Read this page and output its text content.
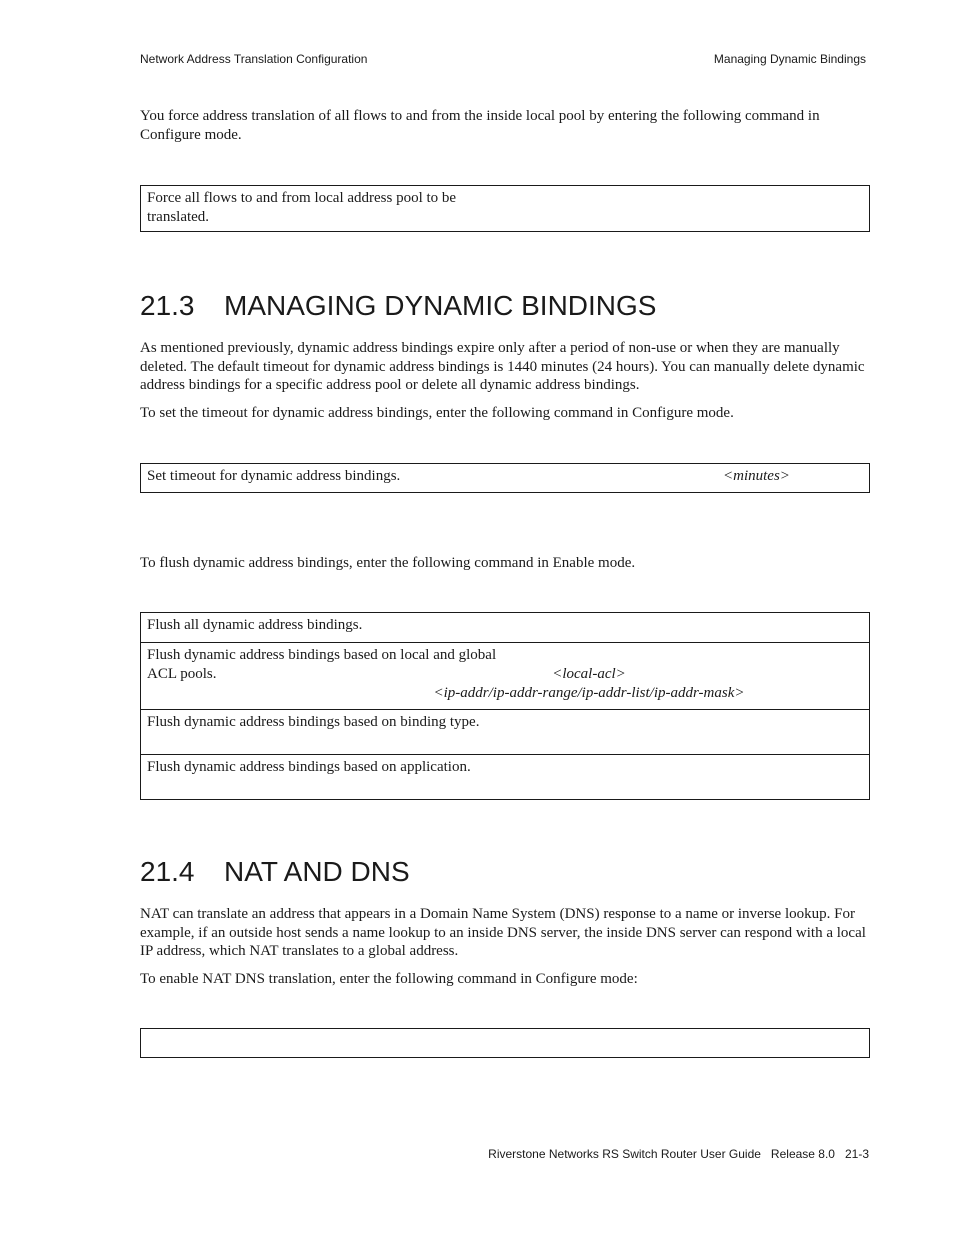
Network Address Translation Configuration	Managing Dynamic Bindings
You force address translation of all flows to and from the inside local pool by entering the following command in Configure mode.
Force all flows to and from local address pool to be translated.	
21.3 MANAGING DYNAMIC BINDINGS
As mentioned previously, dynamic address bindings expire only after a period of non-use or when they are manually deleted. The default timeout for dynamic address bindings is 1440 minutes (24 hours). You can manually delete dynamic address bindings for a specific address pool or delete all dynamic address bindings.
To set the timeout for dynamic address bindings, enter the following command in Configure mode.
Set timeout for dynamic address bindings.	<minutes>
To flush dynamic address bindings, enter the following command in Enable mode.
Flush all dynamic address bindings.	
Flush dynamic address bindings based on local and global ACL pools.	<local-acl>
<ip-addr/ip-addr-range/ip-addr-list/ip-addr-mask>

Flush dynamic address bindings based on binding type.	
Flush dynamic address bindings based on application.	
21.4 NAT AND DNS
NAT can translate an address that appears in a Domain Name System (DNS) response to a name or inverse lookup. For example, if an outside host sends a name lookup to an inside DNS server, the inside DNS server can respond with a local IP address, which NAT translates to a global address.
To enable NAT DNS translation, enter the following command in Configure mode:

Riverstone Networks RS Switch Router User Guide   Release 8.0   21-3
